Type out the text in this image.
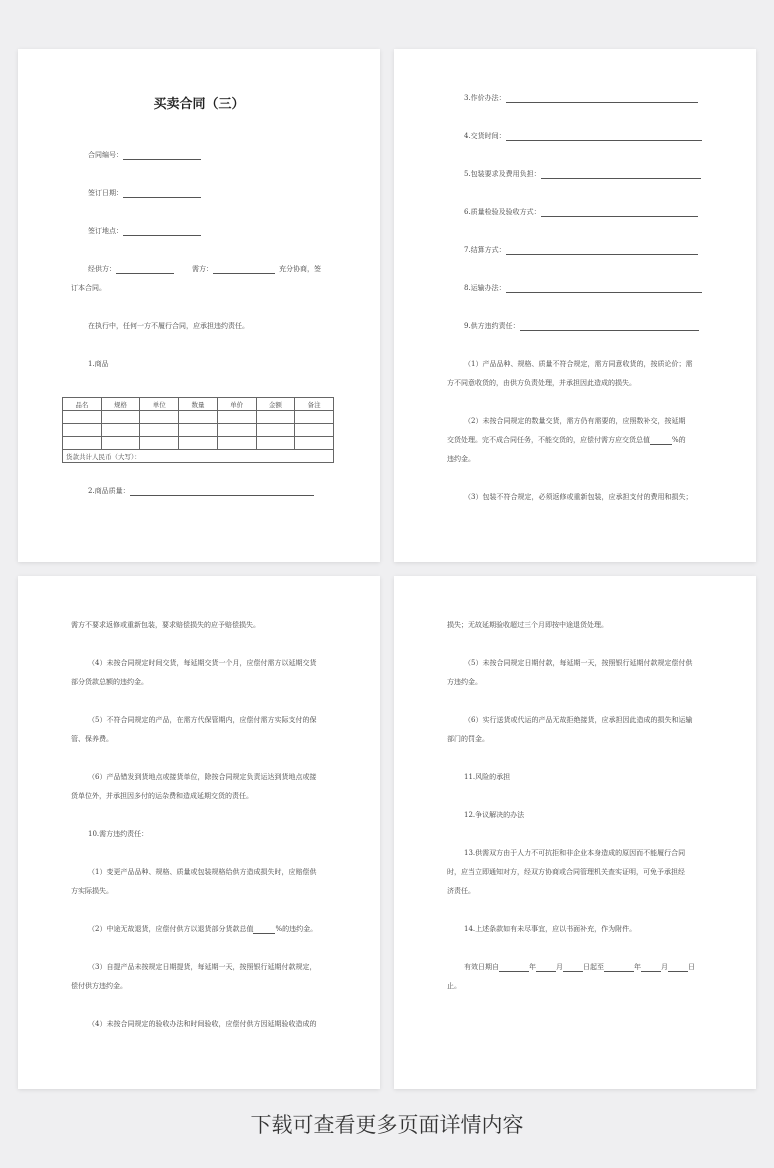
买卖合同（三）
合同编号：
签订日期：
签订地点：
经供方：	需方：	充分协商，签
订本合同。
在执行中，任何一方不履行合同，应承担违约责任。
1.商品
品名	规格	单位	数量	单价	金额	备注

货款共计人民币（大写）：						
2.商品质量：
3.作价办法：
4.交货时间：
5.包装要求及费用负担：
6.质量检验及验收方式：
7.结算方式：
8.运输办法：
9.供方违约责任：
（1）产品品种、规格、质量不符合规定，需方同意收货的，按质论价；需
方不同意收货的，由供方负责处理，并承担因此造成的损失。
（2）未按合同规定的数量交货，需方仍有需要的，应照数补交，按延期
交货处理。完不成合同任务，不能交货的，应偿付需方应交货总值	%的
违约金。
（3）包装不符合规定，必须返修或重新包装，应承担支付的费用和损失；
需方不要求返修或重新包装，要求赔偿损失的应予赔偿损失。
（4）未按合同规定时间交货，每延期交货一个月，应偿付需方以延期交货
部分货款总额的违约金。
（5）不符合同规定的产品，在需方代保管期内，应偿付需方实际支付的保
管、保养费。
（6）产品错发到货地点或接货单位，除按合同规定负责运达到货地点或接
货单位外，并承担因多付的运杂费和造成延期交货的责任。
10.需方违约责任：
（1）变更产品品种、规格、质量或包装规格给供方造成损失时，应赔偿供
方实际损失。
（2）中途无故退货，应偿付供方以退货部分货款总值	%的违约金。
（3）自提产品未按规定日期提货，每延期一天，按照银行延期付款规定，
偿付供方违约金。
（4）未按合同规定的验收办法和时间验收，应偿付供方因延期验收造成的
损失；无故延期验收超过三个月即按中途退货处理。
（5）未按合同规定日期付款，每延期一天，按照银行延期付款规定偿付供
方违约金。
（6）实行送货或代运的产品无故拒绝接货，应承担因此造成的损失和运输
部门的罚金。
11.风险的承担
12.争议解决的办法
13.供需双方由于人力不可抗拒和非企业本身造成的原因而不能履行合同
时，应当立即通知对方，经双方协商或合同管理机关查实证明，可免予承担经
济责任。
14.上述条款如有未尽事宜，应以书面补充，作为附件。
有效日期自	年	月	日起至	年	月	日
止。
下载可查看更多页面详情内容
